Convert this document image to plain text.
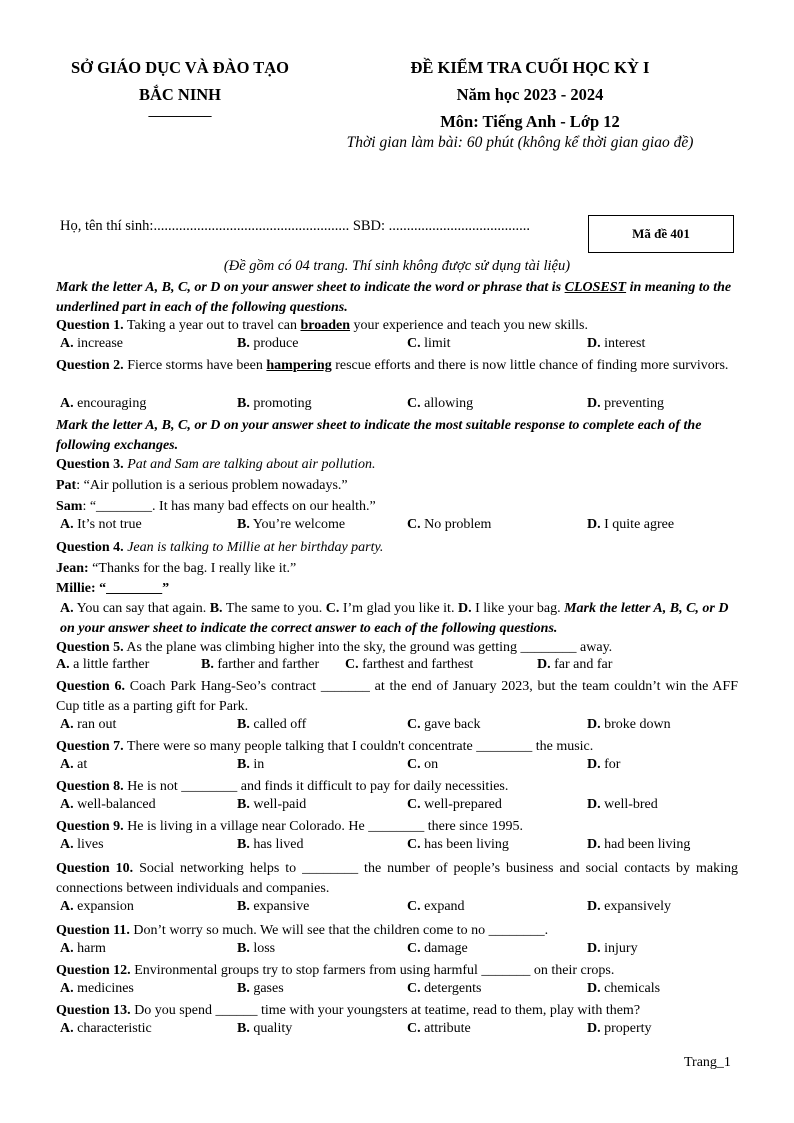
SỞ GIÁO DỤC VÀ ĐÀO TẠO
BẮC NINH
_________
ĐỀ KIỂM TRA CUỐI HỌC KỲ I
Năm học 2023 - 2024
Môn: Tiếng Anh - Lớp 12
Thời gian làm bài: 60 phút (không kể thời gian giao đề)
Họ, tên thí sinh:...................................................... SBD: .......................................	Mã đề 401
(Đề gồm có 04 trang. Thí sinh không được sử dụng tài liệu)
Mark the letter A, B, C, or D on your answer sheet to indicate the word or phrase that is CLOSEST in meaning to the underlined part in each of the following questions.
Question 1. Taking a year out to travel can broaden your experience and teach you new skills.
A. increase	B. produce	C. limit	D. interest
Question 2. Fierce storms have been hampering rescue efforts and there is now little chance of finding more survivors.
A. encouraging	B. promoting	C. allowing	D. preventing
Mark the letter A, B, C, or D on your answer sheet to indicate the most suitable response to complete each of the following exchanges.
Question 3. Pat and Sam are talking about air pollution.
Pat: “Air pollution is a serious problem nowadays.”
Sam: “________. It has many bad effects on our health.”
A. It’s not true	B. You’re welcome	C. No problem	D. I quite agree
Question 4. Jean is talking to Millie at her birthday party.
Jean: “Thanks for the bag. I really like it.”
Millie: “________”
A. You can say that again. B. The same to you. C. I’m glad you like it. D. I like your bag. Mark the letter A, B, C, or D on your answer sheet to indicate the correct answer to each of the following questions.
Question 5. As the plane was climbing higher into the sky, the ground was getting ________ away.
A. a little farther	B. farther and farther C. farthest and farthest	D. far and far
Question 6. Coach Park Hang-Seo’s contract _______ at the end of January 2023, but the team couldn’t win the AFF Cup title as a parting gift for Park.
A. ran out	B. called off	C. gave back	D. broke down
Question 7. There were so many people talking that I couldn't concentrate ________ the music.
A. at	B. in	C. on	D. for
Question 8. He is not ________ and finds it difficult to pay for daily necessities.
A. well-balanced	B. well-paid	C. well-prepared	D. well-bred
Question 9. He is living in a village near Colorado. He ________ there since 1995.
A. lives	B. has lived	C. has been living	D. had been living
Question 10. Social networking helps to ________ the number of people’s business and social contacts by making connections between individuals and companies.
A. expansion	B. expansive	C. expand	D. expansively
Question 11. Don’t worry so much. We will see that the children come to no ________.
A. harm	B. loss	C. damage	D. injury
Question 12. Environmental groups try to stop farmers from using harmful _______ on their crops.
A. medicines	B. gases	C. detergents	D. chemicals
Question 13. Do you spend ______ time with your youngsters at teatime, read to them, play with them?
A. characteristic	B. quality	C. attribute	D. property
Trang_1
